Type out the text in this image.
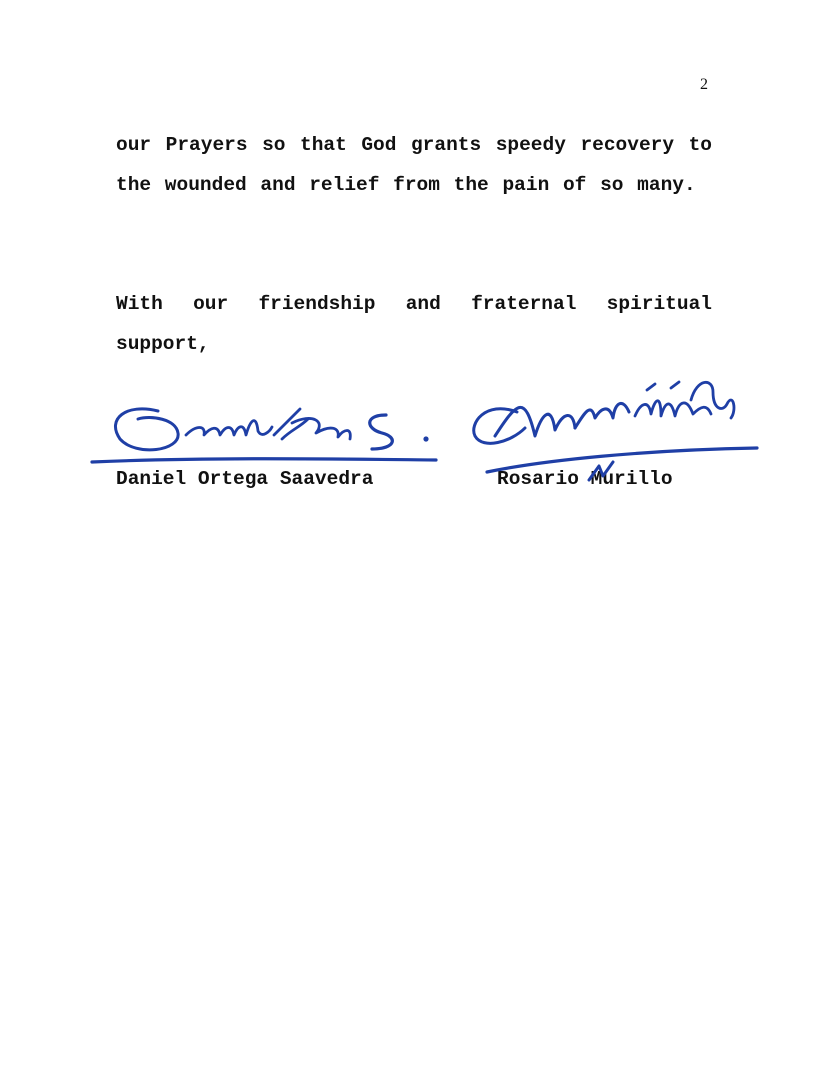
2

our Prayers so that God grants speedy recovery to the wounded and relief from the pain of so many.

With our friendship and fraternal spiritual support,

Daniel Ortega Saavedra	Rosario Murillo
